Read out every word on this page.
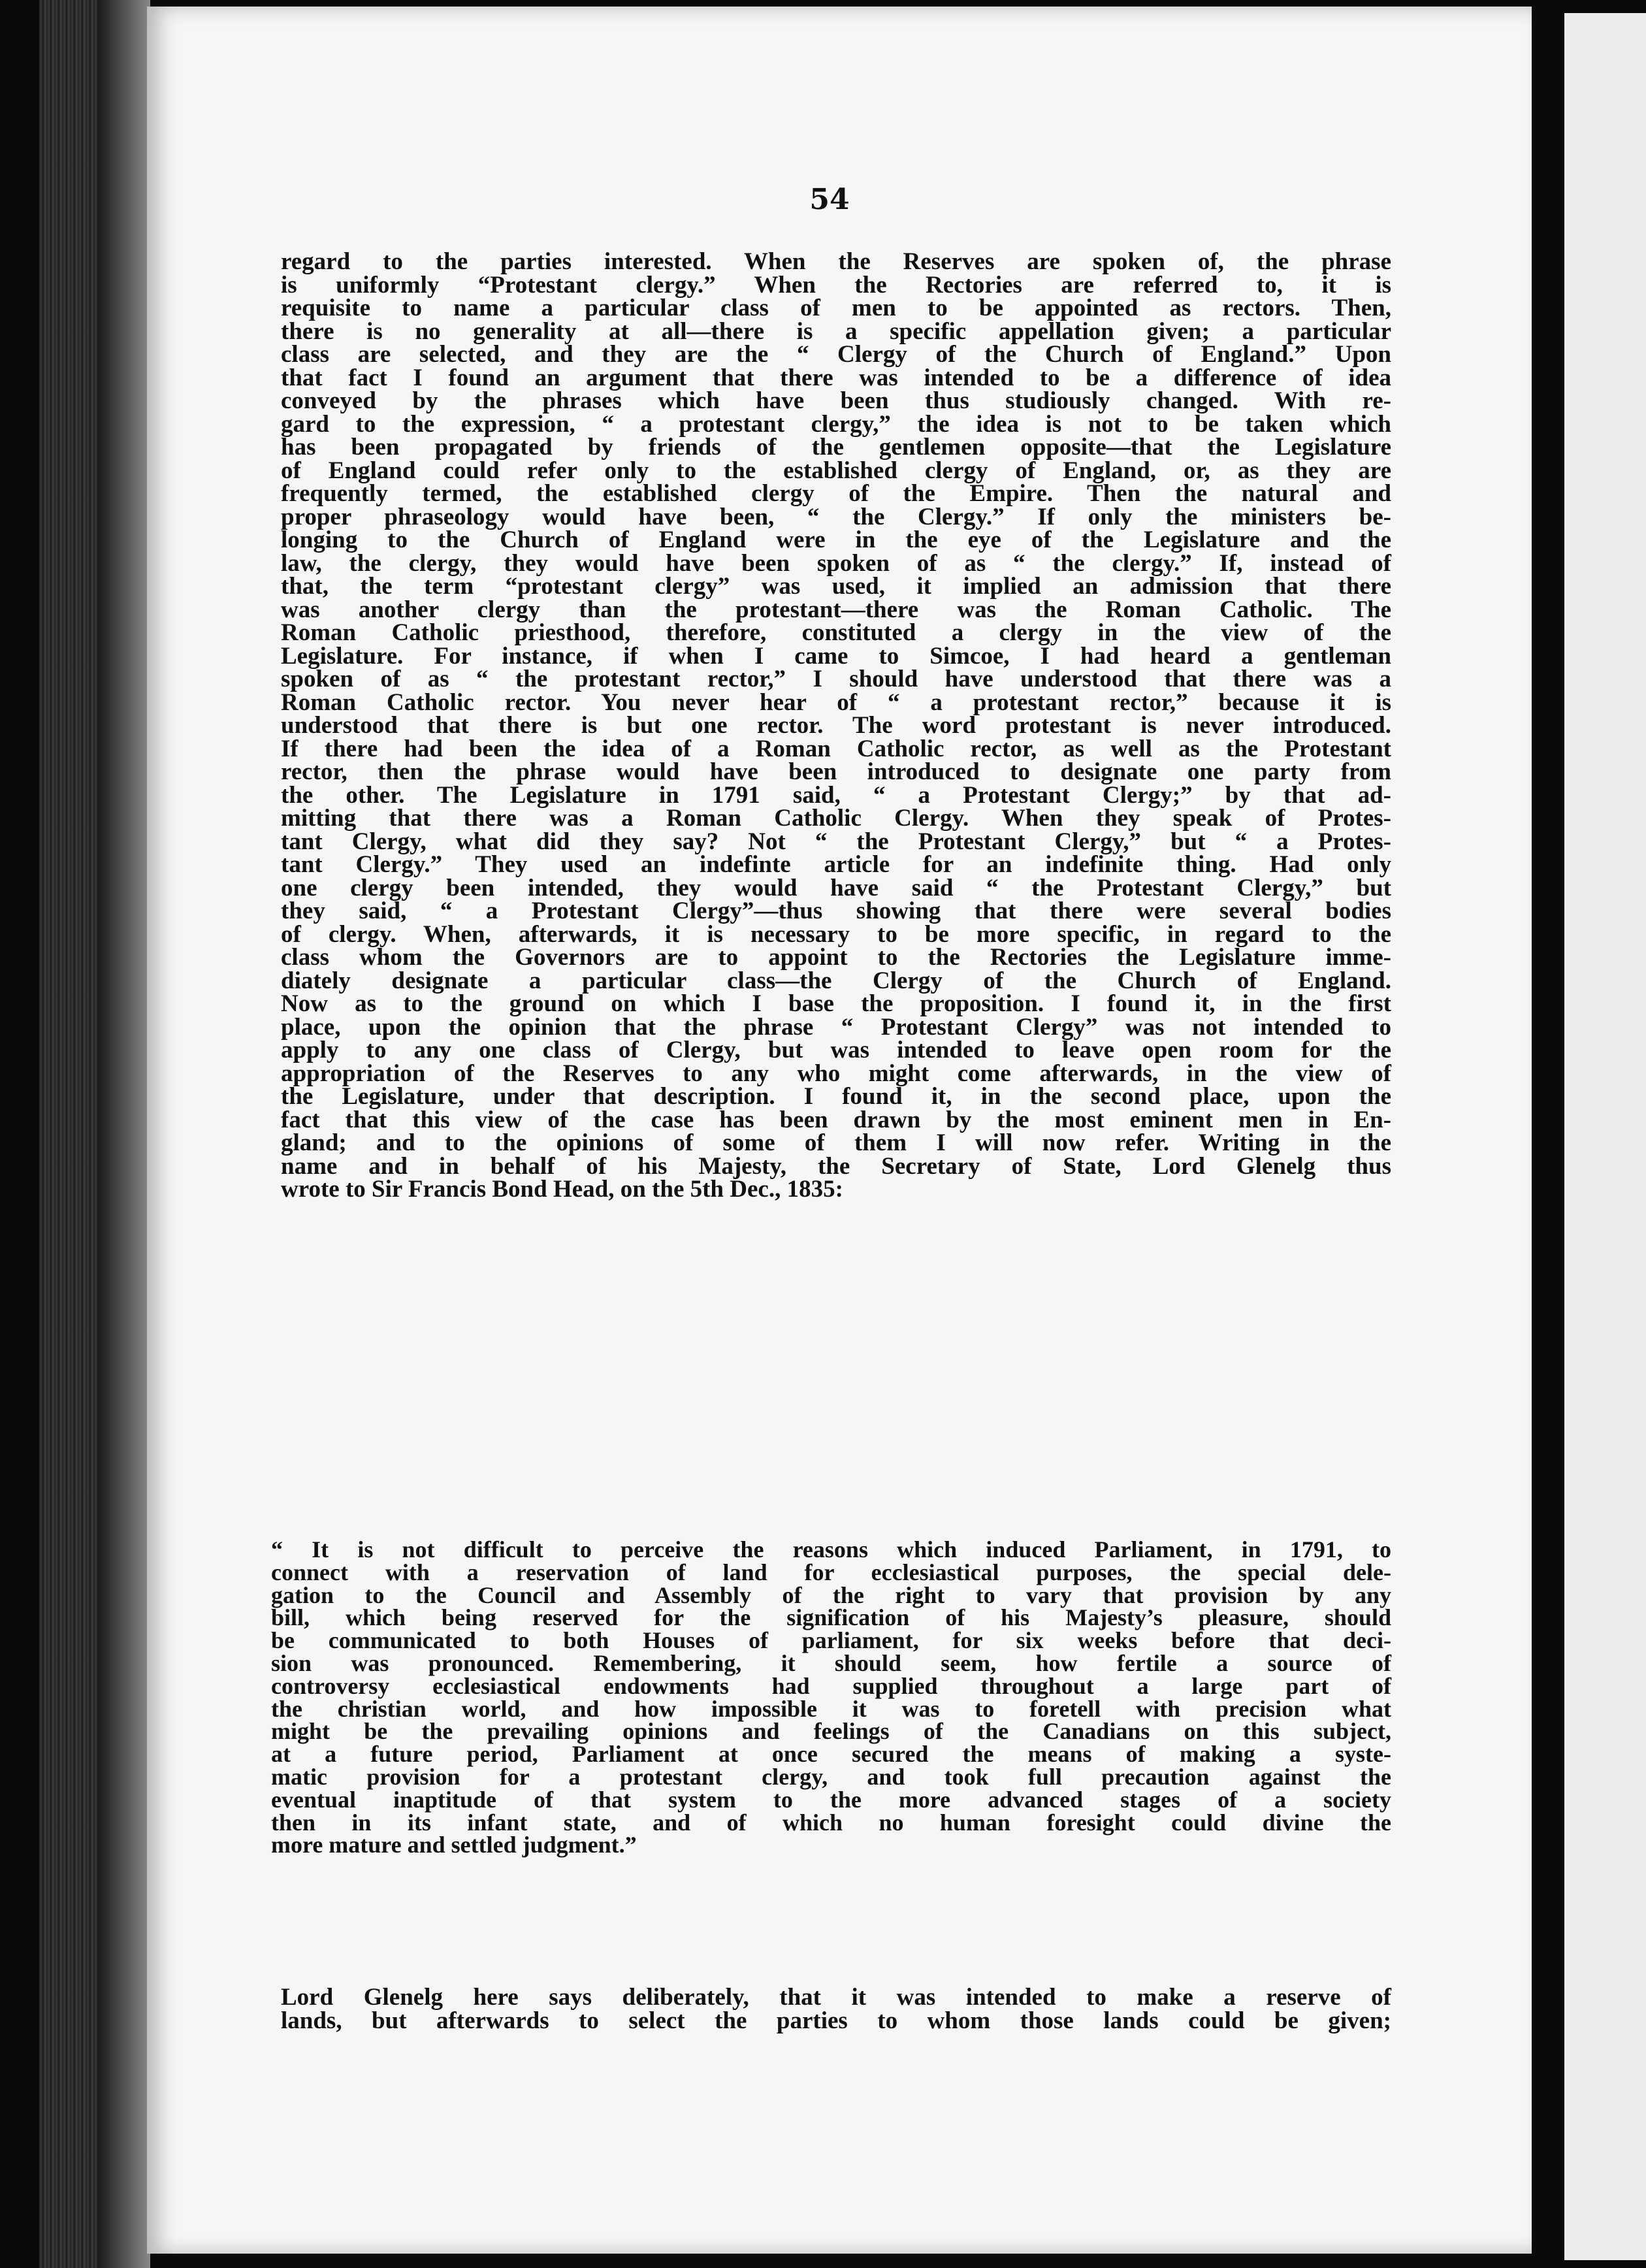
54
regard to the parties interested. When the Reserves are spoken of, the phrase
is uniformly “Protestant clergy.” When the Rectories are referred to, it is
requisite to name a particular class of men to be appointed as rectors. Then,
there is no generality at all—there is a specific appellation given; a particular
class are selected, and they are the “ Clergy of the Church of England.” Upon
that fact I found an argument that there was intended to be a difference of idea
conveyed by the phrases which have been thus studiously changed. With re-
gard to the expression, “ a protestant clergy,” the idea is not to be taken which
has been propagated by friends of the gentlemen opposite—that the Legislature
of England could refer only to the established clergy of England, or, as they are
frequently termed, the established clergy of the Empire. Then the natural and
proper phraseology would have been, “ the Clergy.” If only the ministers be-
longing to the Church of England were in the eye of the Legislature and the
law, the clergy, they would have been spoken of as “ the clergy.” If, instead of
that, the term “protestant clergy” was used, it implied an admission that there
was another clergy than the protestant—there was the Roman Catholic. The
Roman Catholic priesthood, therefore, constituted a clergy in the view of the
Legislature. For instance, if when I came to Simcoe, I had heard a gentleman
spoken of as “ the protestant rector,” I should have understood that there was a
Roman Catholic rector. You never hear of “ a protestant rector,” because it is
understood that there is but one rector. The word protestant is never introduced.
If there had been the idea of a Roman Catholic rector, as well as the Protestant
rector, then the phrase would have been introduced to designate one party from
the other. The Legislature in 1791 said, “ a Protestant Clergy;” by that ad-
mitting that there was a Roman Catholic Clergy. When they speak of Protes-
tant Clergy, what did they say? Not “ the Protestant Clergy,” but “ a Protes-
tant Clergy.” They used an indefinte article for an indefinite thing. Had only
one clergy been intended, they would have said “ the Protestant Clergy,” but
they said, “ a Protestant Clergy”—thus showing that there were several bodies
of clergy. When, afterwards, it is necessary to be more specific, in regard to the
class whom the Governors are to appoint to the Rectories the Legislature imme-
diately designate a particular class—the Clergy of the Church of England.
Now as to the ground on which I base the proposition. I found it, in the first
place, upon the opinion that the phrase “ Protestant Clergy” was not intended to
apply to any one class of Clergy, but was intended to leave open room for the
appropriation of the Reserves to any who might come afterwards, in the view of
the Legislature, under that description. I found it, in the second place, upon the
fact that this view of the case has been drawn by the most eminent men in En-
gland; and to the opinions of some of them I will now refer. Writing in the
name and in behalf of his Majesty, the Secretary of State, Lord Glenelg thus
wrote to Sir Francis Bond Head, on the 5th Dec., 1835:
“ It is not difficult to perceive the reasons which induced Parliament, in 1791, to
connect with a reservation of land for ecclesiastical purposes, the special dele-
gation to the Council and Assembly of the right to vary that provision by any
bill, which being reserved for the signification of his Majesty’s pleasure, should
be communicated to both Houses of parliament, for six weeks before that deci-
sion was pronounced. Remembering, it should seem, how fertile a source of
controversy ecclesiastical endowments had supplied throughout a large part of
the christian world, and how impossible it was to foretell with precision what
might be the prevailing opinions and feelings of the Canadians on this subject,
at a future period, Parliament at once secured the means of making a syste-
matic provision for a protestant clergy, and took full precaution against the
eventual inaptitude of that system to the more advanced stages of a society
then in its infant state, and of which no human foresight could divine the
more mature and settled judgment.”
Lord Glenelg here says deliberately, that it was intended to make a reserve of
lands, but afterwards to select the parties to whom those lands could be given;
